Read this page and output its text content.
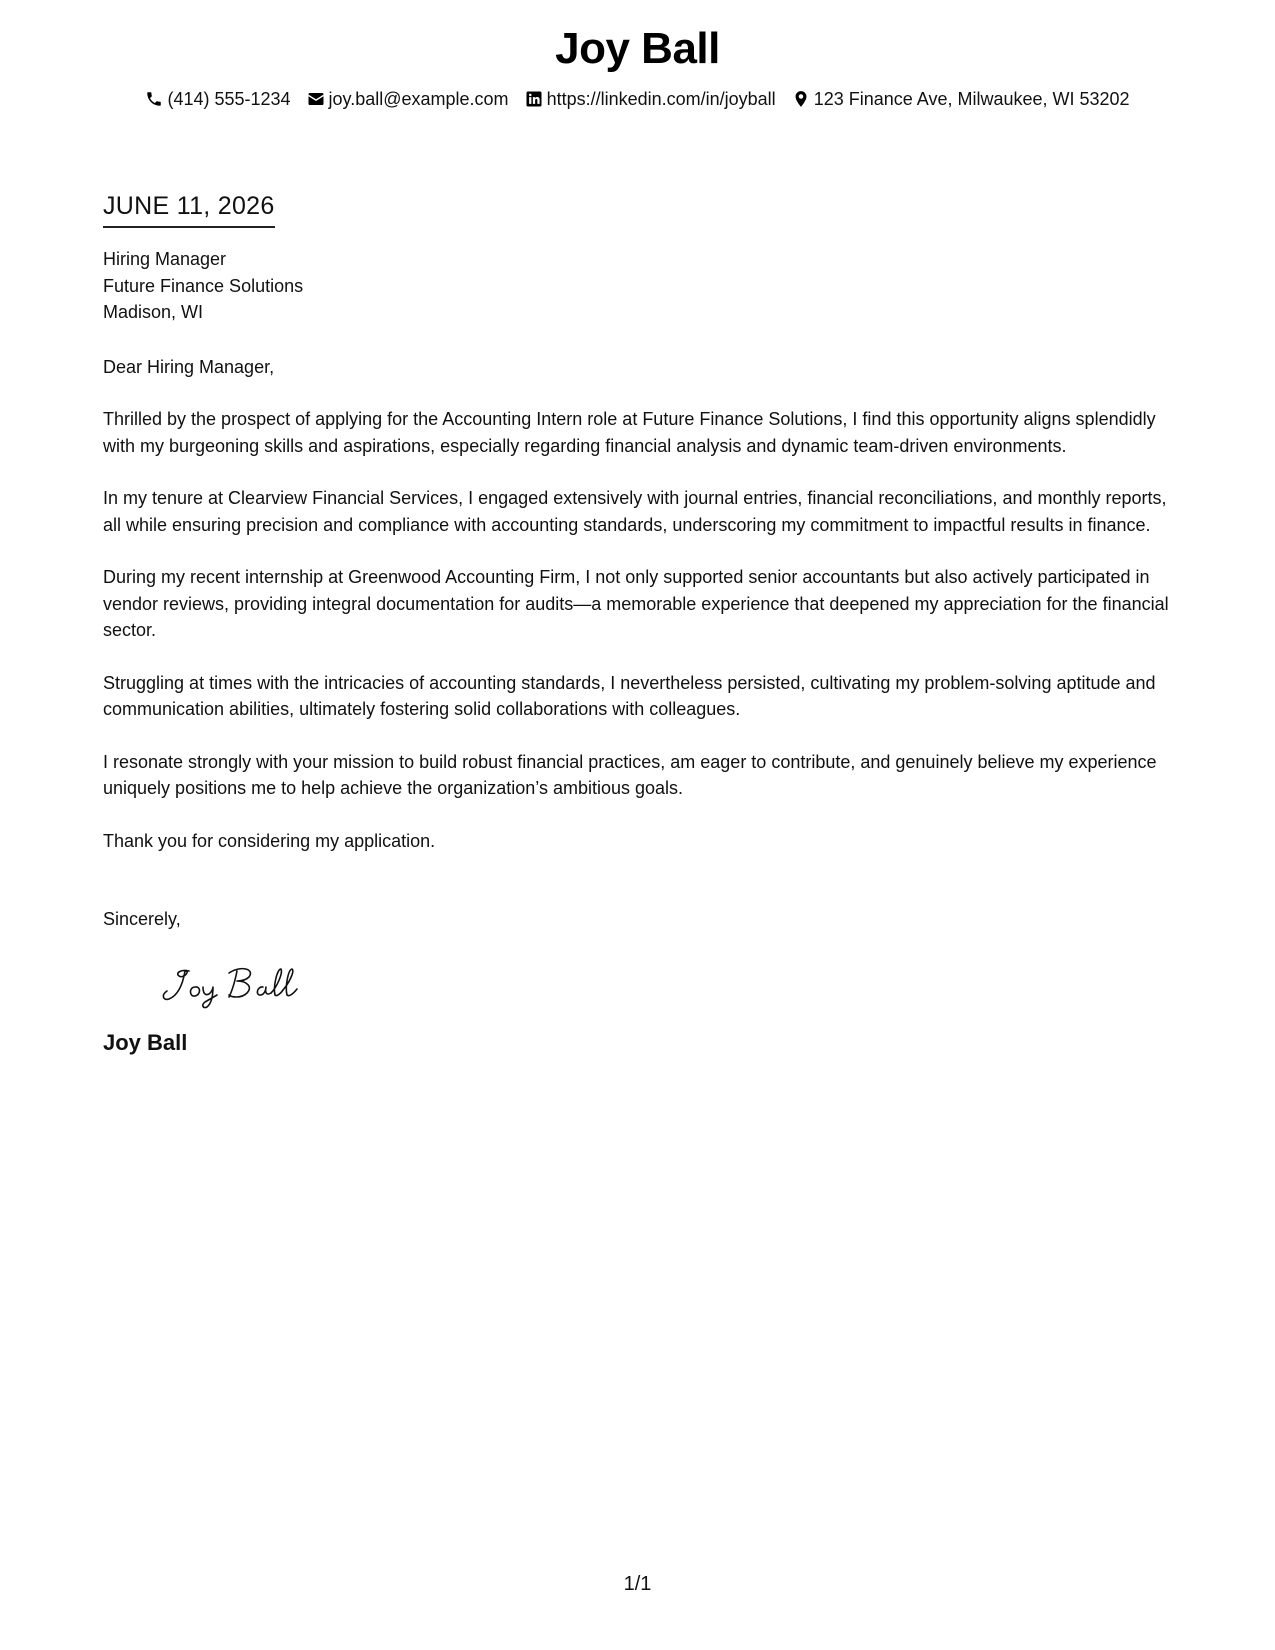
Joy Ball
(414) 555-1234 joy.ball@example.com https://linkedin.com/in/joyball 123 Finance Ave, Milwaukee, WI 53202
JUNE 11, 2026
Hiring Manager
Future Finance Solutions
Madison, WI
Dear Hiring Manager,

Thrilled by the prospect of applying for the Accounting Intern role at Future Finance Solutions, I find this opportunity aligns splendidly with my burgeoning skills and aspirations, especially regarding financial analysis and dynamic team-driven environments.

In my tenure at Clearview Financial Services, I engaged extensively with journal entries, financial reconciliations, and monthly reports, all while ensuring precision and compliance with accounting standards, underscoring my commitment to impactful results in finance.

During my recent internship at Greenwood Accounting Firm, I not only supported senior accountants but also actively participated in vendor reviews, providing integral documentation for audits—a memorable experience that deepened my appreciation for the financial sector.

Struggling at times with the intricacies of accounting standards, I nevertheless persisted, cultivating my problem-solving aptitude and communication abilities, ultimately fostering solid collaborations with colleagues.

I resonate strongly with your mission to build robust financial practices, am eager to contribute, and genuinely believe my experience uniquely positions me to help achieve the organization’s ambitious goals.

Thank you for considering my application.

Sincerely,
Joy Ball
1/1
